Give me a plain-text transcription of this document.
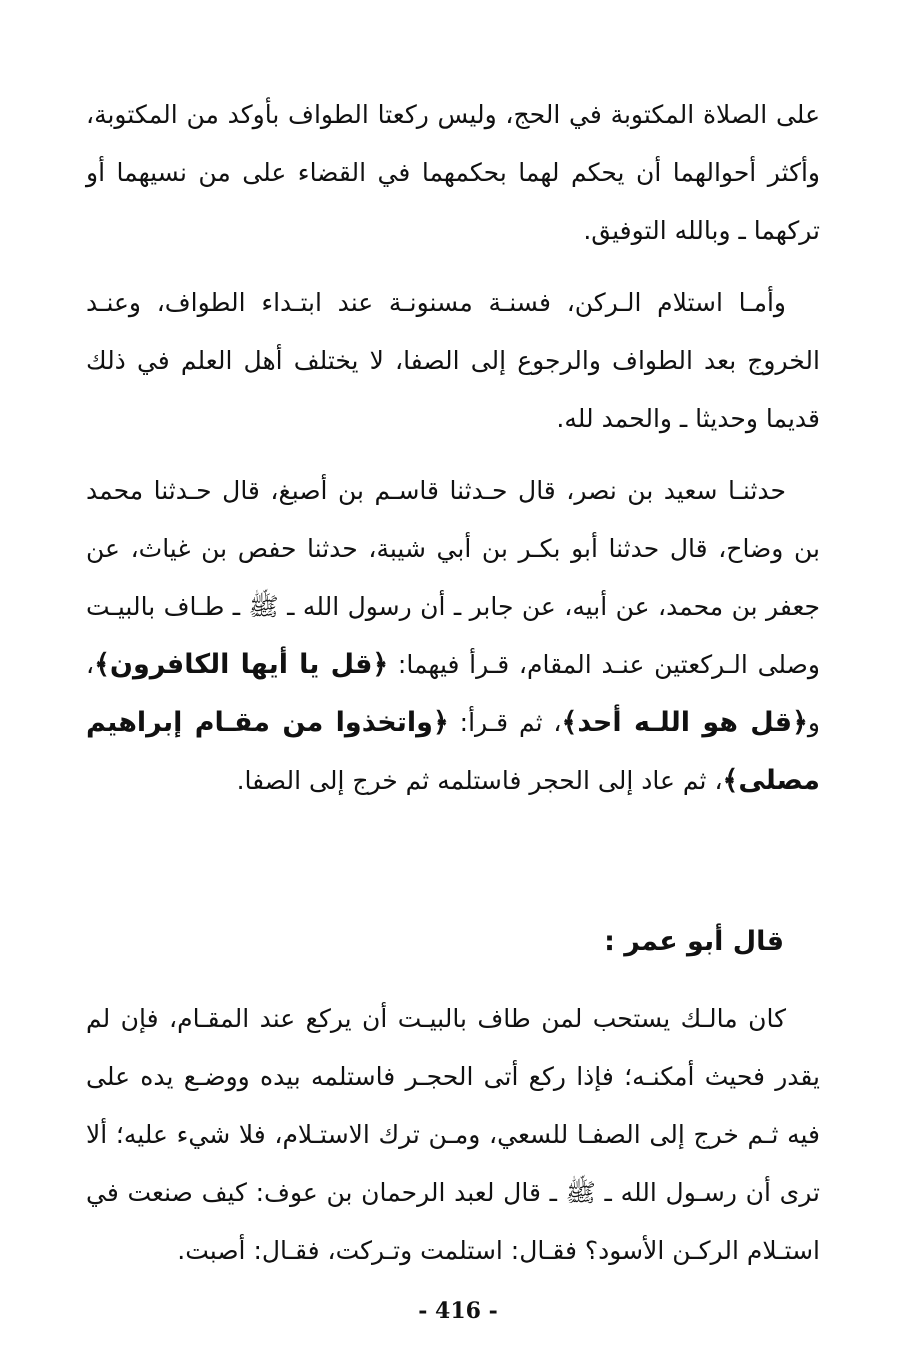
على الصلاة المكتوبة في الحج، وليس ركعتا الطواف بأوكد من المكتوبة، وأكثر أحوالهما أن يحكم لهما بحكمهما في القضاء على من نسيهما أو تركهما ـ وبالله التوفيق.

وأمـا استلام الـركن، فسنـة مسنونـة عند ابتـداء الطواف، وعنـد الخروج بعد الطواف والرجوع إلى الصفا، لا يختلف أهل العلم في ذلك قديما وحديثا ـ والحمد لله.

حدثنـا سعيد بن نصر، قال حـدثنا قاسـم بن أصبغ، قال حـدثنا محمد بن وضاح، قال حدثنا أبو بكـر بن أبي شيبة، حدثنا حفص بن غياث، عن جعفر بن محمد، عن أبيه، عن جابر ـ أن رسول الله ـ ﷺ ـ طـاف بالبيـت وصلى الـركعتين عنـد المقام، قـرأ فيهما: ﴿قل يا أيها الكافرون﴾، و﴿قل هو اللـه أحد﴾، ثم قـرأ: ﴿واتخذوا من مقـام إبراهيم مصلى﴾، ثم عاد إلى الحجر فاستلمه ثم خرج إلى الصفا.

قال أبو عمر :

كان مالـك يستحب لمن طاف بالبيـت أن يركع عند المقـام، فإن لم يقدر فحيث أمكنـه؛ فإذا ركع أتى الحجـر فاستلمه بيده ووضـع يده على فيه ثـم خرج إلى الصفـا للسعي، ومـن ترك الاستـلام، فلا شيء عليه؛ ألا ترى أن رسـول الله ـ ﷺ ـ قال لعبد الرحمان بن عوف: كيف صنعت في استـلام الركـن الأسود؟ فقـال: استلمت وتـركت، فقـال: أصبت.

- 416 -
